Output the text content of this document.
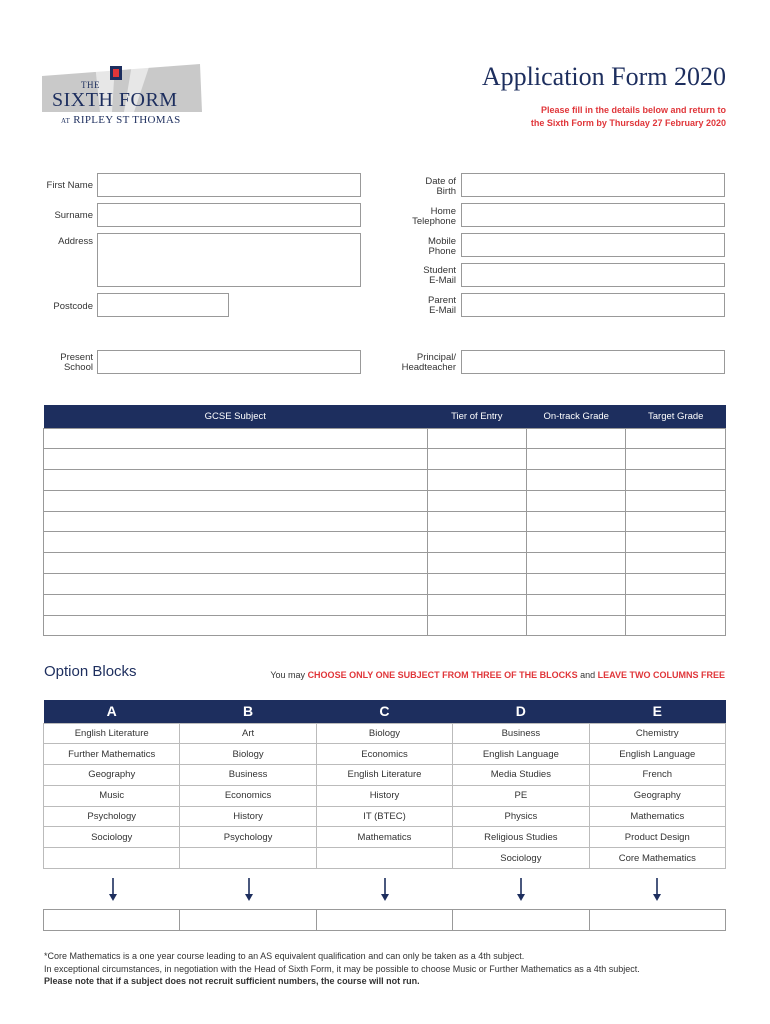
THE
SIXTH FORM
AT RIPLEY ST THOMAS
Application Form 2020
Please fill in the details below and return to
the Sixth Form by Thursday 27 February 2020
First Name
Surname
Address
Postcode
Present
School
Date of
Birth
Home
Telephone
Mobile
Phone
Student
E-Mail
Parent
E-Mail
Principal/
Headteacher
GCSE Subject	Tier of Entry	On-track Grade	Target Grade

Option Blocks	You may CHOOSE ONLY ONE SUBJECT FROM THREE OF THE BLOCKS and LEAVE TWO COLUMNS FREE
A	B	C	D	E
English Literature	Art	Biology	Business	Chemistry
Further Mathematics	Biology	Economics	English Language	English Language
Geography	Business	English Literature	Media Studies	French
Music	Economics	History	PE	Geography
Psychology	History	IT (BTEC)	Physics	Mathematics
Sociology	Psychology	Mathematics	Religious Studies	Product Design
			Sociology	Core Mathematics

*Core Mathematics is a one year course leading to an AS equivalent qualification and can only be taken as a 4th subject.
In exceptional circumstances, in negotiation with the Head of Sixth Form, it may be possible to choose Music or Further Mathematics as a 4th subject.
Please note that if a subject does not recruit sufficient numbers, the course will not run.
